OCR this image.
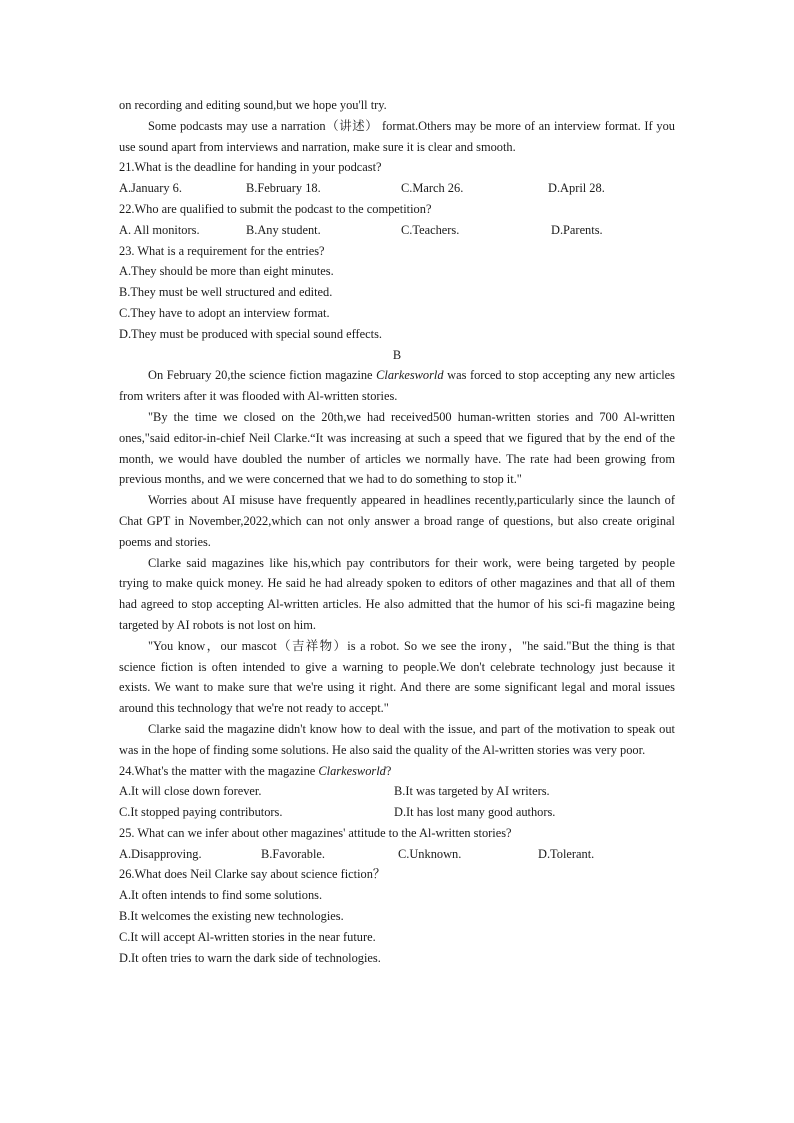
on recording and editing sound,but we hope you'll try.
Some podcasts may use a narration（讲述） format.Others may be more of an interview format. If you use sound apart from interviews and narration, make sure it is clear and smooth.
21.What is the deadline for handing in your podcast?
A.January 6.	B.February 18.	C.March 26.	D.April 28.
22.Who are qualified to submit the podcast to the competition?
A. All monitors.	B.Any student.	C.Teachers.	D.Parents.
23. What is a requirement for the entries?
A.They should be more than eight minutes.
B.They must be well structured and edited.
C.They have to adopt an interview format.
D.They must be produced with special sound effects.
B
On February 20,the science fiction magazine Clarkesworld was forced to stop accepting any new articles from writers after it was flooded with Al-written stories.
"By the time we closed on the 20th,we had received500 human-written stories and 700 Al-written ones,"said editor-in-chief Neil Clarke.“It was increasing at such a speed that we figured that by the end of the month, we would have doubled the number of articles we normally have. The rate had been growing from previous months, and we were concerned that we had to do something to stop it."
Worries about AI misuse have frequently appeared in headlines recently,particularly since the launch of Chat GPT in November,2022,which can not only answer a broad range of questions, but also create original poems and stories.
Clarke said magazines like his,which pay contributors for their work, were being targeted by people trying to make quick money. He said he had already spoken to editors of other magazines and that all of them had agreed to stop accepting Al-written articles. He also admitted that the humor of his sci-fi magazine being targeted by AI robots is not lost on him.
"You know，our mascot（吉祥物）is a robot. So we see the irony，"he said."But the thing is that science fiction is often intended to give a warning to people.We don't celebrate technology just because it exists. We want to make sure that we're using it right. And there are some significant legal and moral issues around this technology that we're not ready to accept."
Clarke said the magazine didn't know how to deal with the issue, and part of the motivation to speak out was in the hope of finding some solutions. He also said the quality of the Al-written stories was very poor.
24.What's the matter with the magazine Clarkesworld?
A.It will close down forever.	B.It was targeted by AI writers.
C.It stopped paying contributors.	D.It has lost many good authors.
25. What can we infer about other magazines' attitude to the Al-written stories?
A.Disapproving.	B.Favorable.	C.Unknown.	D.Tolerant.
26.What does Neil Clarke say about science fiction？
A.It often intends to find some solutions.
B.It welcomes the existing new technologies.
C.It will accept Al-written stories in the near future.
D.It often tries to warn the dark side of technologies.
